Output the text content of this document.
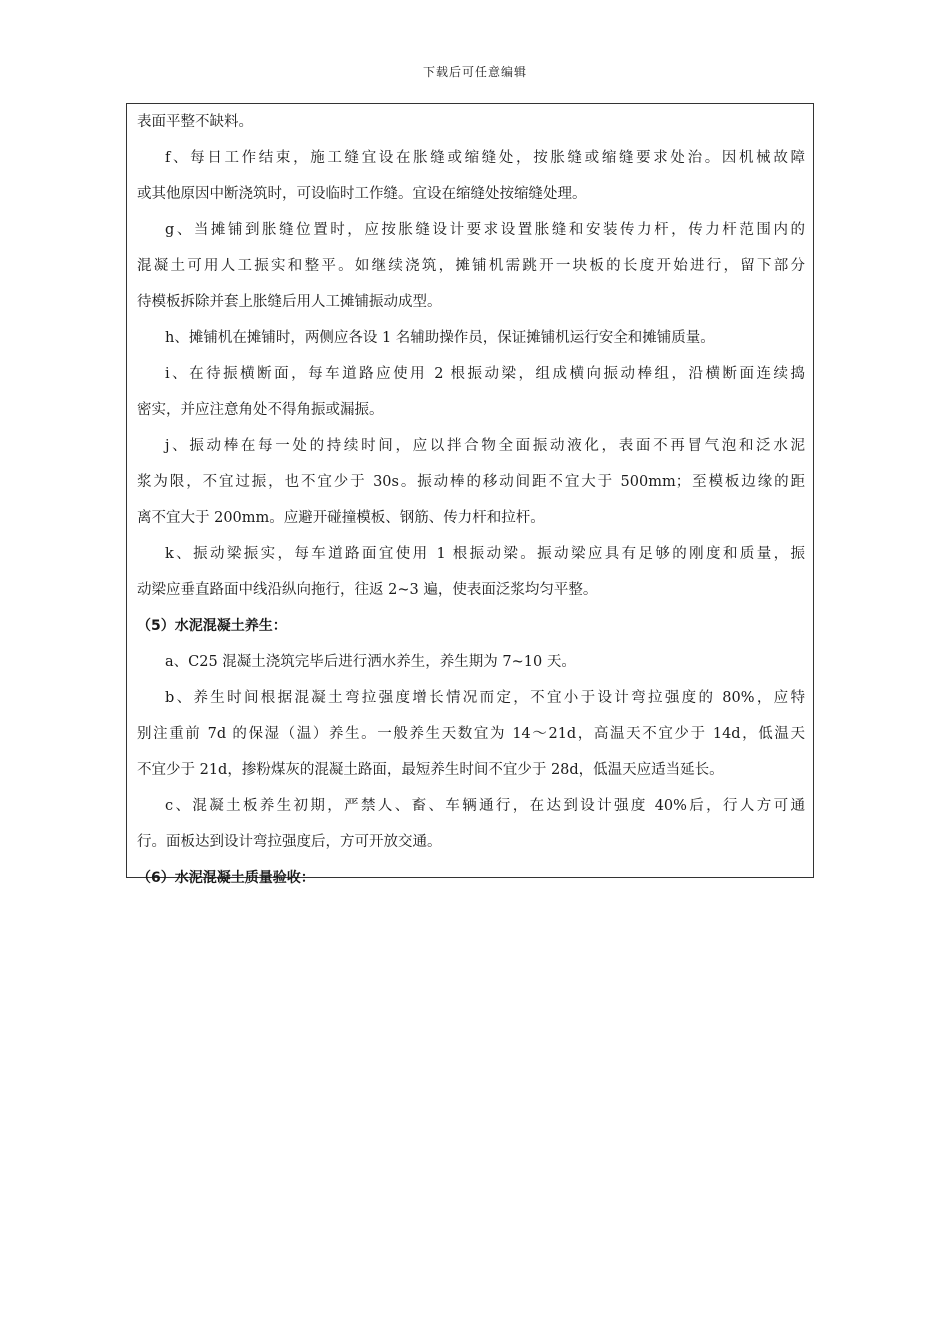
下载后可任意编辑
表面平整不缺料。
f、每日工作结束，施工缝宜设在胀缝或缩缝处，按胀缝或缩缝要求处治。因机械故障
或其他原因中断浇筑时，可设临时工作缝。宜设在缩缝处按缩缝处理。
g、当摊铺到胀缝位置时，应按胀缝设计要求设置胀缝和安装传力杆，传力杆范围内的
混凝土可用人工振实和整平。如继续浇筑，摊铺机需跳开一块板的长度开始进行，留下部分
待模板拆除并套上胀缝后用人工摊铺振动成型。
h、摊铺机在摊铺时，两侧应各设 1 名辅助操作员，保证摊铺机运行安全和摊铺质量。
i、在待振横断面，每车道路应使用 2 根振动梁，组成横向振动棒组，沿横断面连续捣
密实，并应注意角处不得角振或漏振。
j、振动棒在每一处的持续时间，应以拌合物全面振动液化，表面不再冒气泡和泛水泥
浆为限，不宜过振，也不宜少于 30s。振动棒的移动间距不宜大于 500mm；至模板边缘的距
离不宜大于 200mm。应避开碰撞模板、钢筋、传力杆和拉杆。
k、振动梁振实，每车道路面宜使用 1 根振动梁。振动梁应具有足够的刚度和质量，振
动梁应垂直路面中线沿纵向拖行，往返 2~3 遍，使表面泛浆均匀平整。
（5）水泥混凝土养生：
a、C25 混凝土浇筑完毕后进行洒水养生，养生期为 7~10 天。
b、养生时间根据混凝土弯拉强度增长情况而定，不宜小于设计弯拉强度的 80%，应特
别注重前 7d 的保湿（温）养生。一般养生天数宜为 14～21d，高温天不宜少于 14d，低温天
不宜少于 21d，掺粉煤灰的混凝土路面，最短养生时间不宜少于 28d，低温天应适当延长。
c、混凝土板养生初期，严禁人、畜、车辆通行，在达到设计强度 40%后，行人方可通
行。面板达到设计弯拉强度后，方可开放交通。
（6）水泥混凝土质量验收：
